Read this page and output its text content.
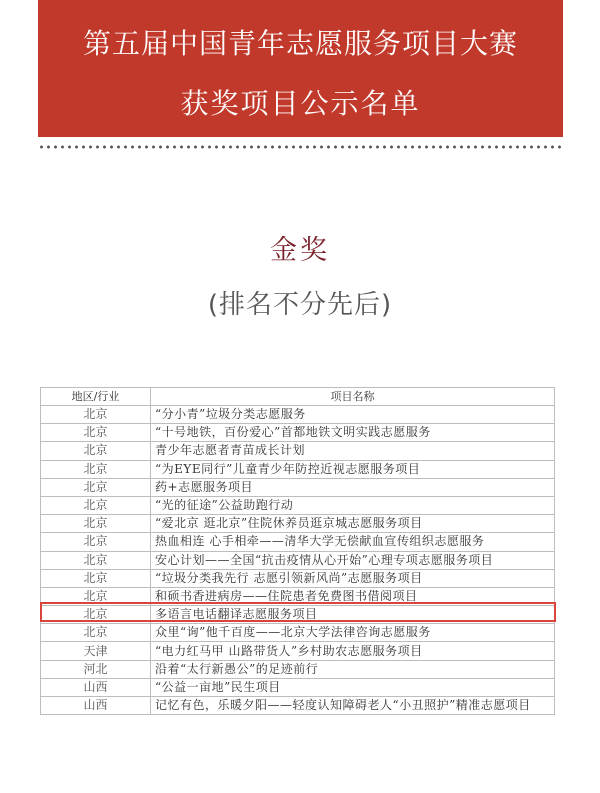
第五届中国青年志愿服务项目大赛
获奖项目公示名单
金奖
(排名不分先后)
地区/行业	项目名称
北京	“分小青”垃圾分类志愿服务
北京	“十号地铁，百份爱心”首都地铁文明实践志愿服务
北京	青少年志愿者青苗成长计划
北京	“为EYE同行”儿童青少年防控近视志愿服务项目
北京	药+志愿服务项目
北京	“光的征途”公益助跑行动
北京	“爱北京 逛北京”住院休养员逛京城志愿服务项目
北京	热血相连 心手相牵——清华大学无偿献血宣传组织志愿服务
北京	安心计划——全国“抗击疫情从心开始”心理专项志愿服务项目
北京	“垃圾分类我先行 志愿引领新风尚”志愿服务项目
北京	和硕书香进病房——住院患者免费图书借阅项目
北京	多语言电话翻译志愿服务项目
北京	众里“询”他千百度——北京大学法律咨询志愿服务
天津	“电力红马甲 山路带货人”乡村助农志愿服务项目
河北	沿着“太行新愚公”的足迹前行
山西	“公益一亩地”民生项目
山西	记忆有色，乐暖夕阳——轻度认知障碍老人“小丑照护”精准志愿项目
